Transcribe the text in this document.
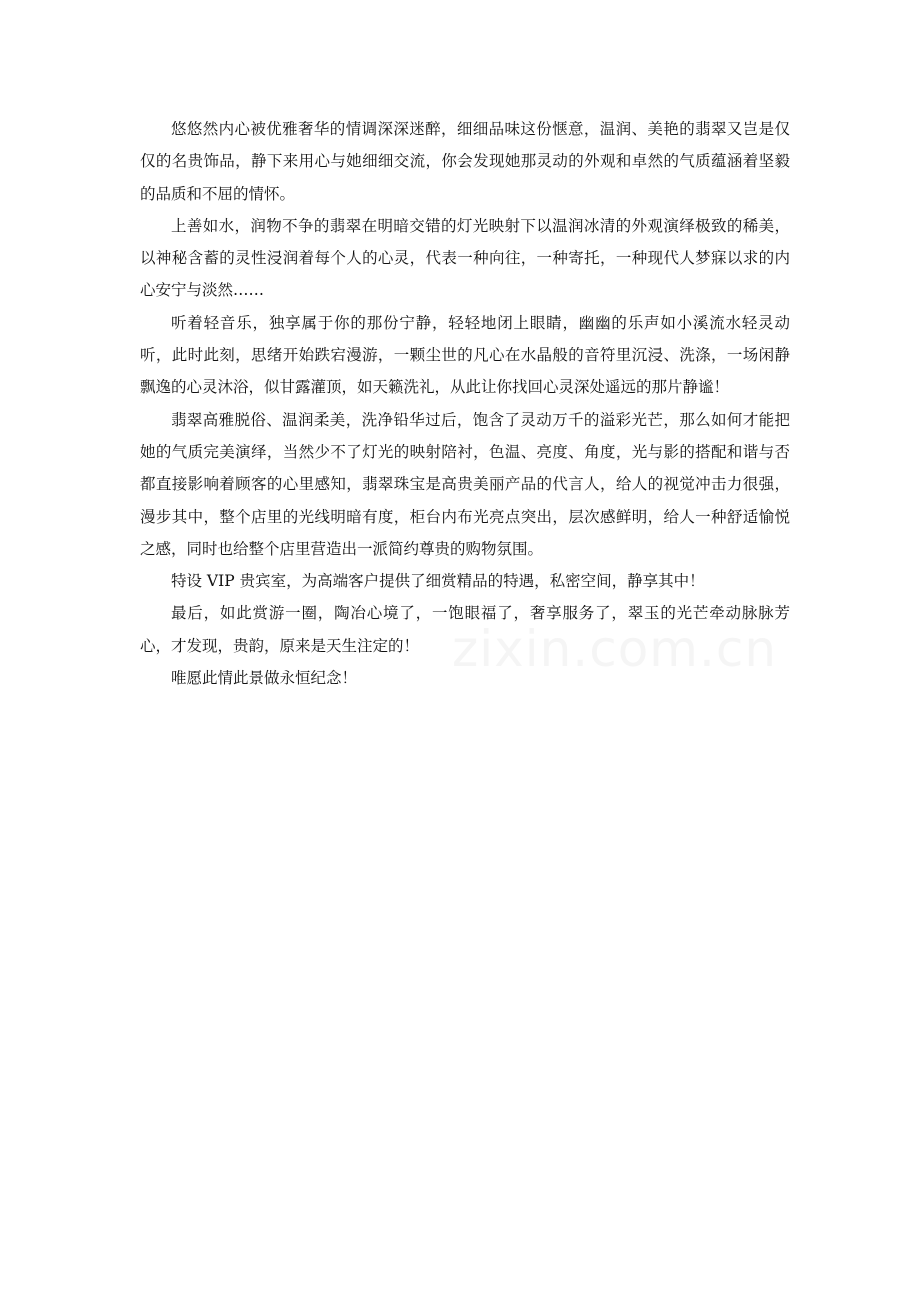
悠悠然内心被优雅奢华的情调深深迷醉，细细品味这份惬意，温润、美艳的翡翠又岂是仅仅的名贵饰品，静下来用心与她细细交流，你会发现她那灵动的外观和卓然的气质蕴涵着坚毅的品质和不屈的情怀。

上善如水，润物不争的翡翠在明暗交错的灯光映射下以温润冰清的外观演绎极致的稀美，以神秘含蓄的灵性浸润着每个人的心灵，代表一种向往，一种寄托，一种现代人梦寐以求的内心安宁与淡然……

听着轻音乐，独享属于你的那份宁静，轻轻地闭上眼睛，幽幽的乐声如小溪流水轻灵动听，此时此刻，思绪开始跌宕漫游，一颗尘世的凡心在水晶般的音符里沉浸、洗涤，一场闲静飘逸的心灵沐浴，似甘露灌顶，如天籁洗礼，从此让你找回心灵深处遥远的那片静谧！

翡翠高雅脱俗、温润柔美，洗净铅华过后，饱含了灵动万千的溢彩光芒，那么如何才能把她的气质完美演绎，当然少不了灯光的映射陪衬，色温、亮度、角度，光与影的搭配和谐与否都直接影响着顾客的心里感知，翡翠珠宝是高贵美丽产品的代言人，给人的视觉冲击力很强，漫步其中，整个店里的光线明暗有度，柜台内布光亮点突出，层次感鲜明，给人一种舒适愉悦之感，同时也给整个店里营造出一派简约尊贵的购物氛围。

特设 VIP 贵宾室，为高端客户提供了细赏精品的特遇，私密空间，静享其中！

最后，如此赏游一圈，陶冶心境了，一饱眼福了，奢享服务了，翠玉的光芒牵动脉脉芳心，才发现，贵韵，原来是天生注定的！

唯愿此情此景做永恒纪念！

zixin.com.cn
